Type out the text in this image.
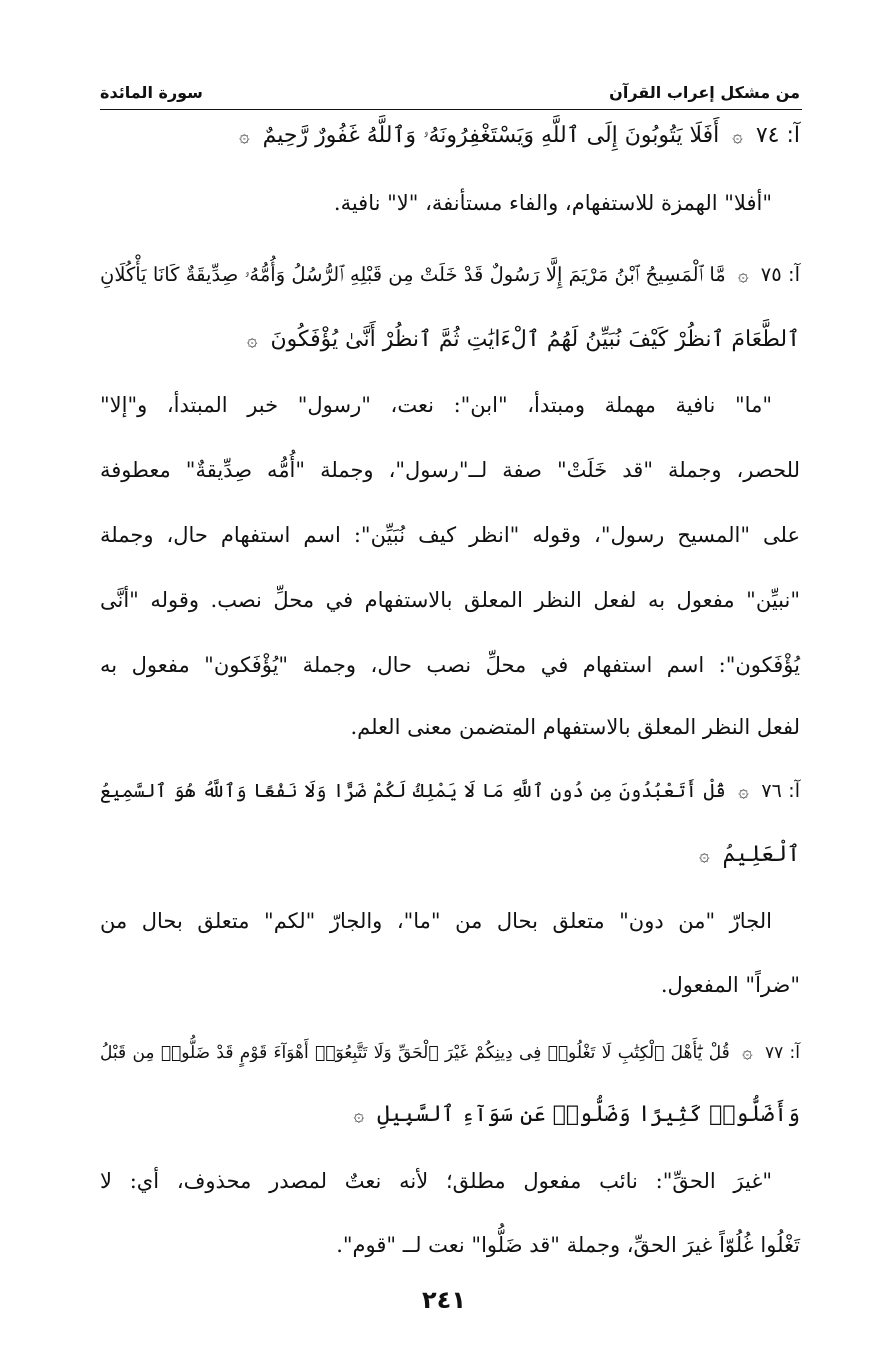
من مشكل إعراب القرآن
سورة المائدة
آ: ٧٤ ۞ أَفَلَا يَتُوبُونَ إِلَى ٱللَّهِ وَيَسْتَغْفِرُونَهُۥ وَٱللَّهُ غَفُورٌ رَّحِيمٌ ۞
"أفلا" الهمزة للاستفهام، والفاء مستأنفة، "لا" نافية.
آ: ٧٥ ۞ مَّا ٱلْمَسِيحُ ٱبْنُ مَرْيَمَ إِلَّا رَسُولٌ قَدْ خَلَتْ مِن قَبْلِهِ ٱلرُّسُلُ وَأُمُّهُۥ صِدِّيقَةٌ كَانَا يَأْكُلَانِ
ٱلطَّعَامَ ٱنظُرْ كَيْفَ نُبَيِّنُ لَهُمُ ٱلْءَايَٰتِ ثُمَّ ٱنظُرْ أَنَّىٰ يُؤْفَكُونَ ۞
"ما" نافية مهملة ومبتدأ، "ابن": نعت، "رسول" خبر المبتدأ، و"إلا"
للحصر، وجملة "قد خَلَتْ" صفة لــ"رسول"، وجملة "أُمُّه صِدِّيقةٌ" معطوفة
على "المسيح رسول"، وقوله "انظر كيف نُبَيِّن": اسم استفهام حال، وجملة
"نبيِّن" مفعول به لفعل النظر المعلق بالاستفهام في محلِّ نصب. وقوله "أنَّى
يُؤْفَكون": اسم استفهام في محلِّ نصب حال، وجملة "يُؤْفَكون" مفعول به
لفعل النظر المعلق بالاستفهام المتضمن معنى العلم.
آ: ٧٦ ۞ قُلْ أَتَعْبُدُونَ مِن دُونِ ٱللَّهِ مَا لَا يَمْلِكُ لَكُمْ ضَرًّا وَلَا نَفْعًا وَٱللَّهُ هُوَ ٱلسَّمِيعُ
ٱلْعَلِيمُ ۞
الجارّ "من دون" متعلق بحال من "ما"، والجارّ "لكم" متعلق بحال من
"ضراً" المفعول.
آ: ٧٧ ۞ قُلْ يَٰٓأَهْلَ ٱلْكِتَٰبِ لَا تَغْلُوا۟ فِى دِينِكُمْ غَيْرَ ٱلْحَقِّ وَلَا تَتَّبِعُوٓا۟ أَهْوَآءَ قَوْمٍ قَدْ ضَلُّوا۟ مِن قَبْلُ
وَأَضَلُّوا۟ كَثِيرًا وَضَلُّوا۟ عَن سَوَآءِ ٱلسَّبِيلِ ۞
"غيرَ الحقِّ": نائب مفعول مطلق؛ لأنه نعتٌ لمصدر محذوف، أي: لا
تَغْلُوا غُلُوّاً غيرَ الحقِّ، وجملة "قد ضَلُّوا" نعت لــ "قوم".
٢٤١
